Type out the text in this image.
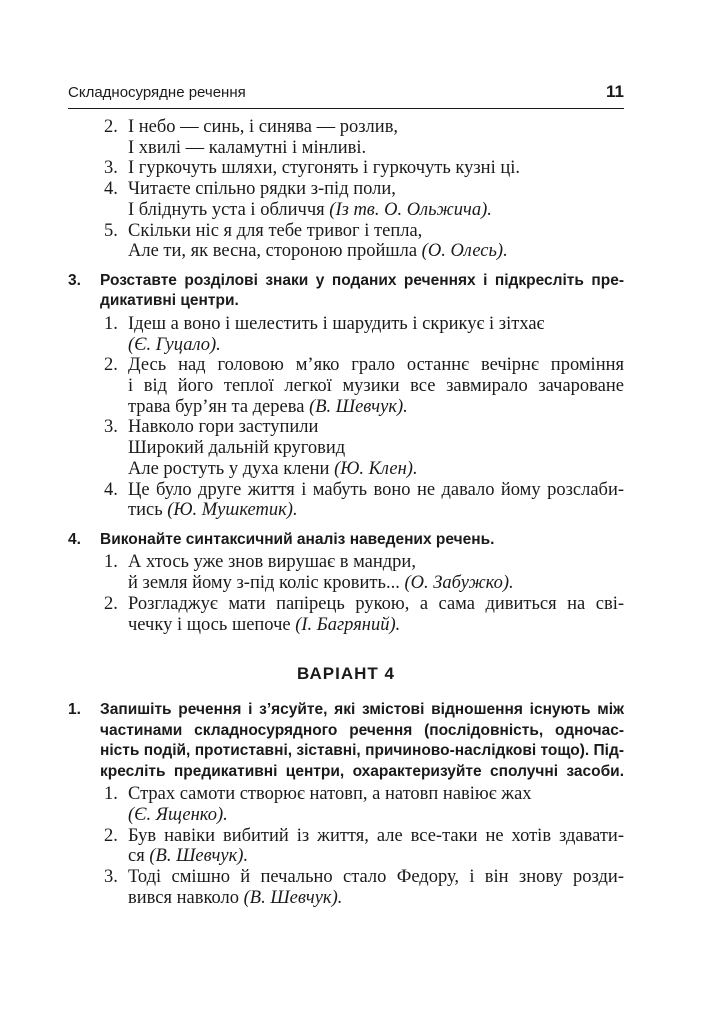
Складносурядне речення	11
2. І небо — синь, і синява — розлив,
І хвилі — каламутні і мінливі.
3. І гуркочуть шляхи, стугонять і гуркочуть кузні ці.
4. Читаєте спільно рядки з-під поли,
І бліднуть уста і обличчя (Із тв. О. Ольжича).
5. Скільки ніс я для тебе тривог і тепла,
Але ти, як весна, стороною пройшла (О. Олесь).
3. Розставте розділові знаки у поданих реченнях і підкресліть пре-
дикативні центри.
1. Ідеш а воно і шелестить і шарудить і скрикує і зітхає
(Є. Гуцало).
2. Десь над головою м’яко грало останнє вечірнє проміння
і від його теплої легкої музики все завмирало зачароване
трава бур’ян та дерева (В. Шевчук).
3. Навколо гори заступили
Широкий дальній круговид
Але ростуть у духа клени (Ю. Клен).
4. Це було друге життя і мабуть воно не давало йому розслаби-
тись (Ю. Мушкетик).
4. Виконайте синтаксичний аналіз наведених речень.
1. А хтось уже знов вирушає в мандри,
й земля йому з-під коліс кровить... (О. Забужко).
2. Розгладжує мати папірець рукою, а сама дивиться на сві-
чечку і щось шепоче (І. Багряний).
ВАРІАНТ 4
1. Запишіть речення і з’ясуйте, які змістові відношення існують між
частинами складносурядного речення (послідовність, одночас-
ність подій, протиставні, зіставні, причиново-наслідкові тощо). Під-
кресліть предикативні центри, охарактеризуйте сполучні засоби.
1. Страх самоти створює натовп, а натовп навіює жах
(Є. Ященко).
2. Був навіки вибитий із життя, але все-таки не хотів здавати-
ся (В. Шевчук).
3. Тоді смішно й печально стало Федору, і він знову розди-
вився навколо (В. Шевчук).
